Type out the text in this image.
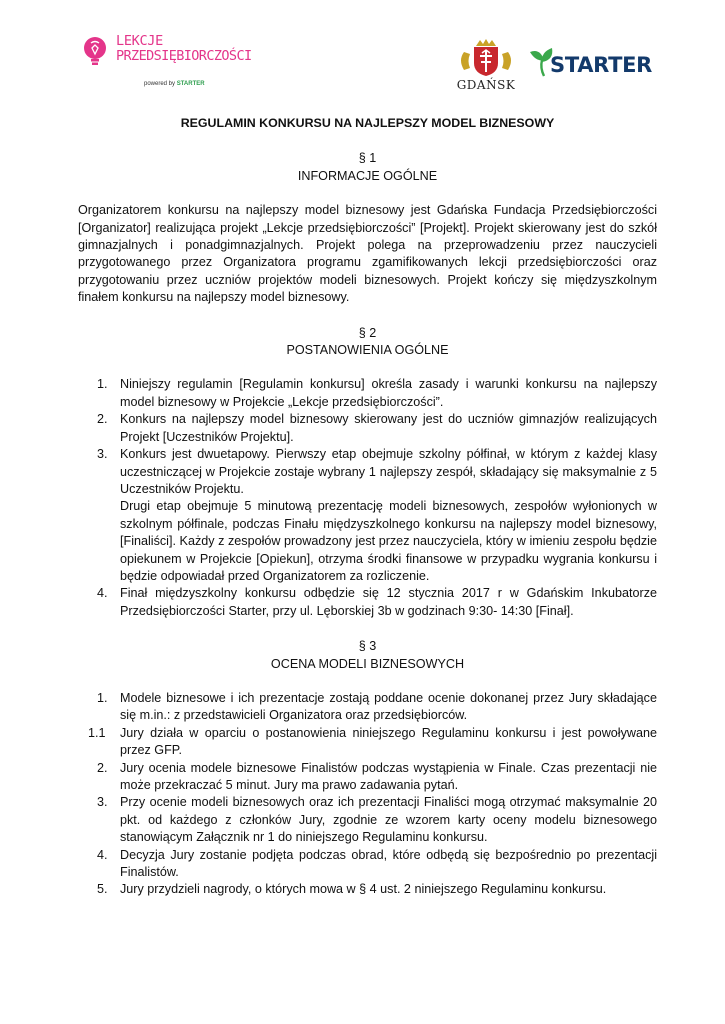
LEKCJE
PRZEDSIĘBIORCZOŚCI
powered by STARTER	GDAŃSK
STARTER
REGULAMIN KONKURSU NA NAJLEPSZY MODEL BIZNESOWY
§ 1
INFORMACJE OGÓLNE
Organizatorem konkursu na najlepszy model biznesowy jest Gdańska Fundacja Przedsiębiorczości [Organizator] realizująca projekt „Lekcje przedsiębiorczości” [Projekt]. Projekt skierowany jest do szkół gimnazjalnych i ponadgimnazjalnych. Projekt polega na przeprowadzeniu przez nauczycieli przygotowanego przez Organizatora programu zgamifikowanych lekcji przedsiębiorczości oraz przygotowaniu przez uczniów projektów modeli biznesowych. Projekt kończy się międzyszkolnym finałem konkursu na najlepszy model biznesowy.
§ 2
POSTANOWIENIA OGÓLNE
1. Niniejszy regulamin [Regulamin konkursu] określa zasady i warunki konkursu na najlepszy model biznesowy w Projekcie „Lekcje przedsiębiorczości”.
2. Konkurs na najlepszy model biznesowy skierowany jest do uczniów gimnazjów realizujących Projekt [Uczestników Projektu].
3. Konkurs jest dwuetapowy. Pierwszy etap obejmuje szkolny półfinał, w którym z każdej klasy uczestniczącej w Projekcie zostaje wybrany 1 najlepszy zespół, składający się maksymalnie z 5 Uczestników Projektu.
Drugi etap obejmuje 5 minutową prezentację modeli biznesowych, zespołów wyłonionych w szkolnym półfinale, podczas Finału międzyszkolnego konkursu na najlepszy model biznesowy, [Finaliści]. Każdy z zespołów prowadzony jest przez nauczyciela, który w imieniu zespołu będzie opiekunem w Projekcie [Opiekun], otrzyma środki finansowe w przypadku wygrania konkursu i będzie odpowiadał przed Organizatorem za rozliczenie.
4. Finał międzyszkolny konkursu odbędzie się 12 stycznia 2017 r w Gdańskim Inkubatorze Przedsiębiorczości Starter, przy ul. Lęborskiej 3b w godzinach 9:30- 14:30 [Finał].
§ 3
OCENA MODELI BIZNESOWYCH
1. Modele biznesowe i ich prezentacje zostają poddane ocenie dokonanej przez Jury składające się m.in.: z przedstawicieli Organizatora oraz przedsiębiorców.
1.1 Jury działa w oparciu o postanowienia niniejszego Regulaminu konkursu i jest powoływane przez GFP.
2. Jury ocenia modele biznesowe Finalistów podczas wystąpienia w Finale. Czas prezentacji nie może przekraczać 5 minut. Jury ma prawo zadawania pytań.
3. Przy ocenie modeli biznesowych oraz ich prezentacji Finaliści mogą otrzymać maksymalnie 20 pkt. od każdego z członków Jury, zgodnie ze wzorem karty oceny modelu biznesowego stanowiącym Załącznik nr 1 do niniejszego Regulaminu konkursu.
4. Decyzja Jury zostanie podjęta podczas obrad, które odbędą się bezpośrednio po prezentacji Finalistów.
5. Jury przydzieli nagrody, o których mowa w § 4 ust. 2 niniejszego Regulaminu konkursu.
